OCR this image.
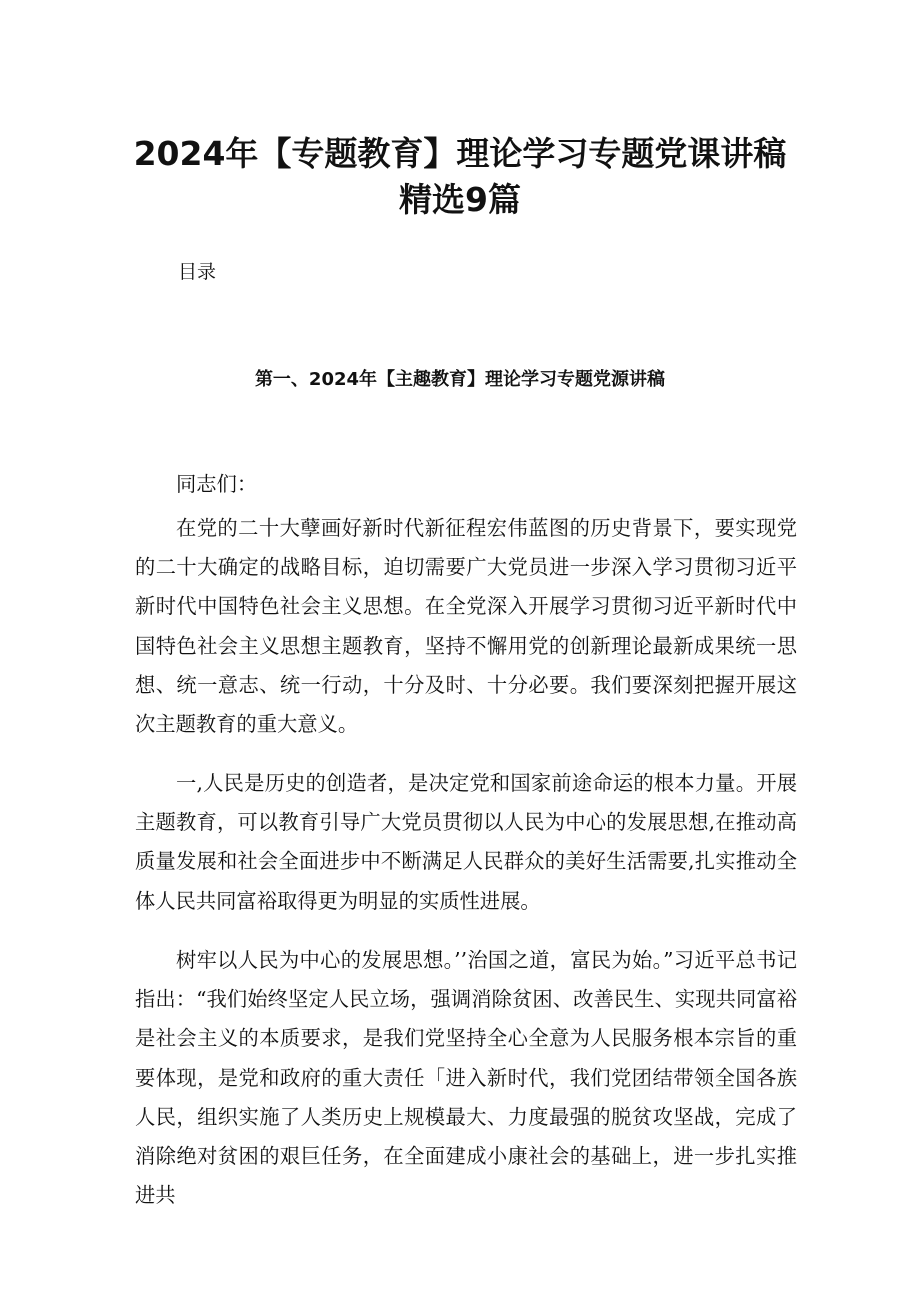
2024年【专题教育】理论学习专题党课讲稿
精选9篇
目录
第一、2024年【主趣教育】理论学习专题党源讲稿

同志们：

在党的二十大孽画好新时代新征程宏伟蓝图的历史背景下，要实现党的二十大确定的战略目标，迫切需要广大党员进一步深入学习贯彻习近平新时代中国特色社会主义思想。在全党深入开展学习贯彻习近平新时代中国特色社会主义思想主题教育，坚持不懈用党的创新理论最新成果统一思想、统一意志、统一行动，十分及时、十分必要。我们要深刻把握开展这次主题教育的重大意义。

一,人民是历史的创造者，是决定党和国家前途命运的根本力量。开展主题教育，可以教育引导广大党员贯彻以人民为中心的发展思想,在推动高质量发展和社会全面进步中不断满足人民群众的美好生活需要,扎实推动全体人民共同富裕取得更为明显的实质性进展。

树牢以人民为中心的发展思想。’’治国之道，富民为始。”习近平总书记指出：“我们始终坚定人民立场，强调消除贫困、改善民生、实现共同富裕是社会主义的本质要求，是我们党坚持全心全意为人民服务根本宗旨的重要体现，是党和政府的重大责任「进入新时代，我们党团结带领全国各族人民，组织实施了人类历史上规模最大、力度最强的脱贫攻坚战，完成了消除绝对贫困的艰巨任务，在全面建成小康社会的基础上，进一步扎实推进共
